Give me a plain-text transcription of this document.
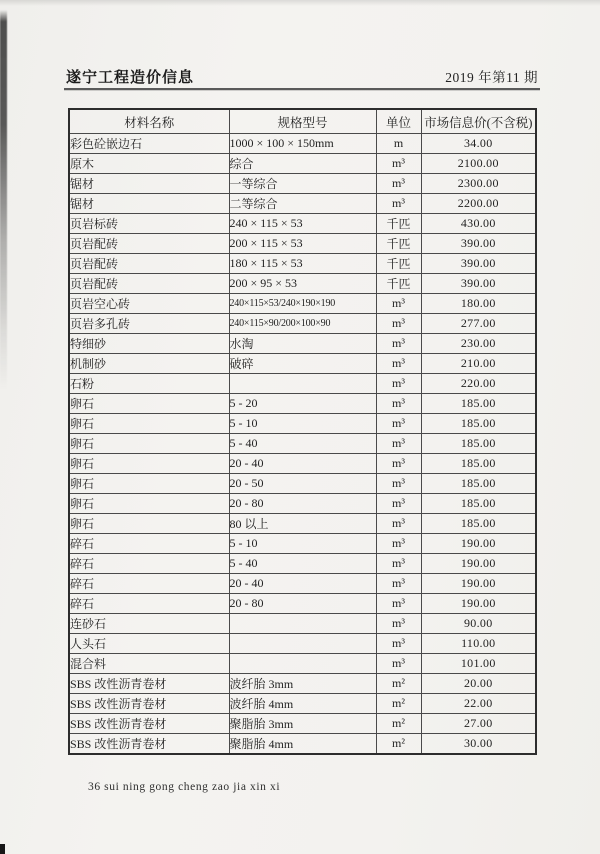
遂宁工程造价信息	2019 年第11 期
材料名称	规格型号	单位	市场信息价(不含税)
彩色砼嵌边石	1000 × 100 × 150mm	m	34.00
原木	综合	m³	2100.00
锯材	一等综合	m³	2300.00
锯材	二等综合	m³	2200.00
页岩标砖	240 × 115 × 53	千匹	430.00
页岩配砖	200 × 115 × 53	千匹	390.00
页岩配砖	180 × 115 × 53	千匹	390.00
页岩配砖	200 × 95 × 53	千匹	390.00
页岩空心砖	240×115×53/240×190×190	m³	180.00
页岩多孔砖	240×115×90/200×100×90	m³	277.00
特细砂	水淘	m³	230.00
机制砂	破碎	m³	210.00
石粉		m³	220.00
卵石	5 - 20	m³	185.00
卵石	5 - 10	m³	185.00
卵石	5 - 40	m³	185.00
卵石	20 - 40	m³	185.00
卵石	20 - 50	m³	185.00
卵石	20 - 80	m³	185.00
卵石	80 以上	m³	185.00
碎石	5 - 10	m³	190.00
碎石	5 - 40	m³	190.00
碎石	20 - 40	m³	190.00
碎石	20 - 80	m³	190.00
连砂石		m³	90.00
人头石		m³	110.00
混合料		m³	101.00
SBS 改性沥青卷材	波纤胎 3mm	m²	20.00
SBS 改性沥青卷材	波纤胎 4mm	m²	22.00
SBS 改性沥青卷材	聚脂胎 3mm	m²	27.00
SBS 改性沥青卷材	聚脂胎 4mm	m²	30.00
36 sui ning gong cheng zao jia xin xi
